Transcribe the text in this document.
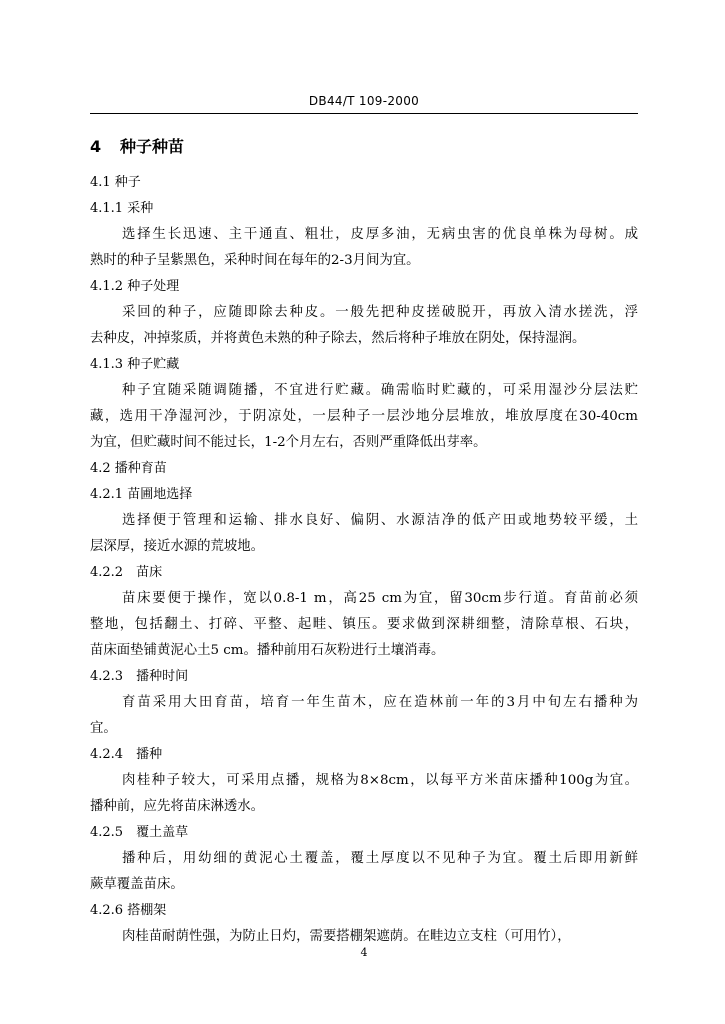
DB44/T 109-2000
4 种子种苗
4.1 种子
4.1.1 采种
选择生长迅速、主干通直、粗壮，皮厚多油，无病虫害的优良单株为母树。成
熟时的种子呈紫黑色，采种时间在每年的2-3月间为宜。
4.1.2 种子处理
采回的种子，应随即除去种皮。一般先把种皮搓破脱开，再放入清水搓洗，浮
去种皮，冲掉浆质，并将黄色未熟的种子除去，然后将种子堆放在阴处，保持湿润。
4.1.3 种子贮藏
种子宜随采随调随播，不宜进行贮藏。确需临时贮藏的，可采用湿沙分层法贮
藏，选用干净湿河沙，于阴凉处，一层种子一层沙地分层堆放，堆放厚度在30-40cm
为宜，但贮藏时间不能过长，1-2个月左右，否则严重降低出芽率。
4.2 播种育苗
4.2.1 苗圃地选择
选择便于管理和运输、排水良好、偏阴、水源洁净的低产田或地势较平缓，土
层深厚，接近水源的荒坡地。
4.2.2　苗床
苗床要便于操作，宽以0.8-1 m，高25 cm为宜，留30cm步行道。育苗前必须
整地，包括翻土、打碎、平整、起畦、镇压。要求做到深耕细整，清除草根、石块，
苗床面垫铺黄泥心土5 cm。播种前用石灰粉进行土壤消毒。
4.2.3　播种时间
育苗采用大田育苗，培育一年生苗木，应在造林前一年的3月中旬左右播种为
宜。
4.2.4　播种
肉桂种子较大，可采用点播，规格为8×8cm，以每平方米苗床播种100g为宜。
播种前，应先将苗床淋透水。
4.2.5　覆土盖草
播种后，用幼细的黄泥心土覆盖，覆土厚度以不见种子为宜。覆土后即用新鲜
蕨草覆盖苗床。
4.2.6 搭棚架
肉桂苗耐荫性强，为防止日灼，需要搭棚架遮荫。在畦边立支柱（可用竹），
4
